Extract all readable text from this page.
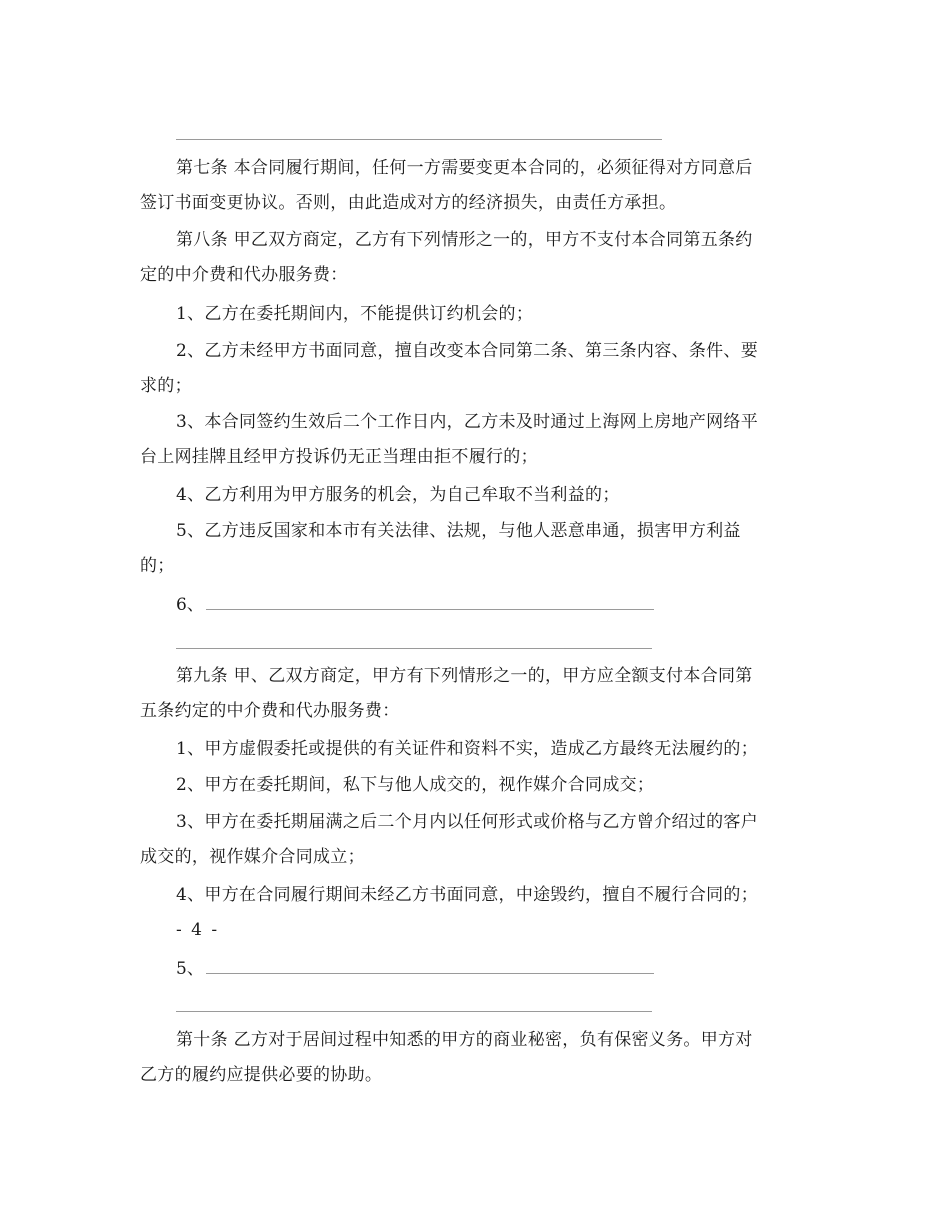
第七条 本合同履行期间，任何一方需要变更本合同的，必须征得对方同意后
签订书面变更协议。否则，由此造成对方的经济损失，由责任方承担。
第八条 甲乙双方商定，乙方有下列情形之一的，甲方不支付本合同第五条约
定的中介费和代办服务费：
1、乙方在委托期间内，不能提供订约机会的；
2、乙方未经甲方书面同意，擅自改变本合同第二条、第三条内容、条件、要
求的；
3、本合同签约生效后二个工作日内，乙方未及时通过上海网上房地产网络平
台上网挂牌且经甲方投诉仍无正当理由拒不履行的；
4、乙方利用为甲方服务的机会，为自己牟取不当利益的；
5、乙方违反国家和本市有关法律、法规，与他人恶意串通，损害甲方利益
的；
6、
第九条 甲、乙双方商定，甲方有下列情形之一的，甲方应全额支付本合同第
五条约定的中介费和代办服务费：
1、甲方虚假委托或提供的有关证件和资料不实，造成乙方最终无法履约的；
2、甲方在委托期间，私下与他人成交的，视作媒介合同成交；
3、甲方在委托期届满之后二个月内以任何形式或价格与乙方曾介绍过的客户
成交的，视作媒介合同成立；
4、甲方在合同履行期间未经乙方书面同意，中途毁约，擅自不履行合同的；
- 4 -
5、
第十条 乙方对于居间过程中知悉的甲方的商业秘密，负有保密义务。甲方对
乙方的履约应提供必要的协助。
